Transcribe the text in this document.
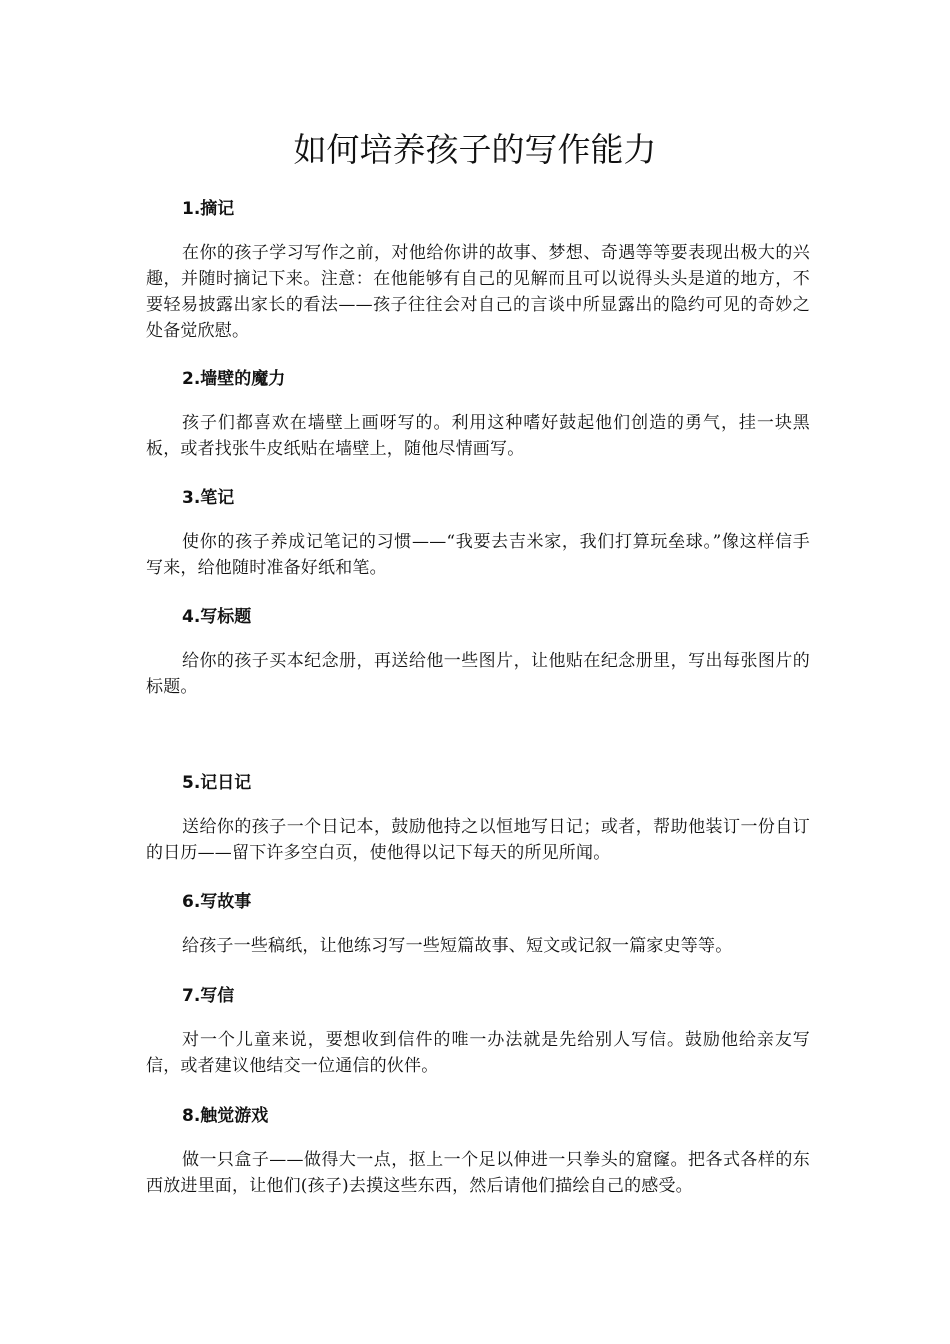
如何培养孩子的写作能力
1.摘记

在你的孩子学习写作之前，对他给你讲的故事、梦想、奇遇等等要表现出极大的兴趣，并随时摘记下来。注意：在他能够有自己的见解而且可以说得头头是道的地方，不要轻易披露出家长的看法——孩子往往会对自己的言谈中所显露出的隐约可见的奇妙之处备觉欣慰。

2.墙壁的魔力

孩子们都喜欢在墙壁上画呀写的。利用这种嗜好鼓起他们创造的勇气，挂一块黑板，或者找张牛皮纸贴在墙壁上，随他尽情画写。

3.笔记

使你的孩子养成记笔记的习惯——“我要去吉米家，我们打算玩垒球。”像这样信手写来，给他随时准备好纸和笔。

4.写标题

给你的孩子买本纪念册，再送给他一些图片，让他贴在纪念册里，写出每张图片的标题。

5.记日记

送给你的孩子一个日记本，鼓励他持之以恒地写日记；或者，帮助他装订一份自订的日历——留下许多空白页，使他得以记下每天的所见所闻。

6.写故事

给孩子一些稿纸，让他练习写一些短篇故事、短文或记叙一篇家史等等。

7.写信

对一个儿童来说，要想收到信件的唯一办法就是先给别人写信。鼓励他给亲友写信，或者建议他结交一位通信的伙伴。

8.触觉游戏

做一只盒子——做得大一点，抠上一个足以伸进一只拳头的窟窿。把各式各样的东西放进里面，让他们(孩子)去摸这些东西，然后请他们描绘自己的感受。
